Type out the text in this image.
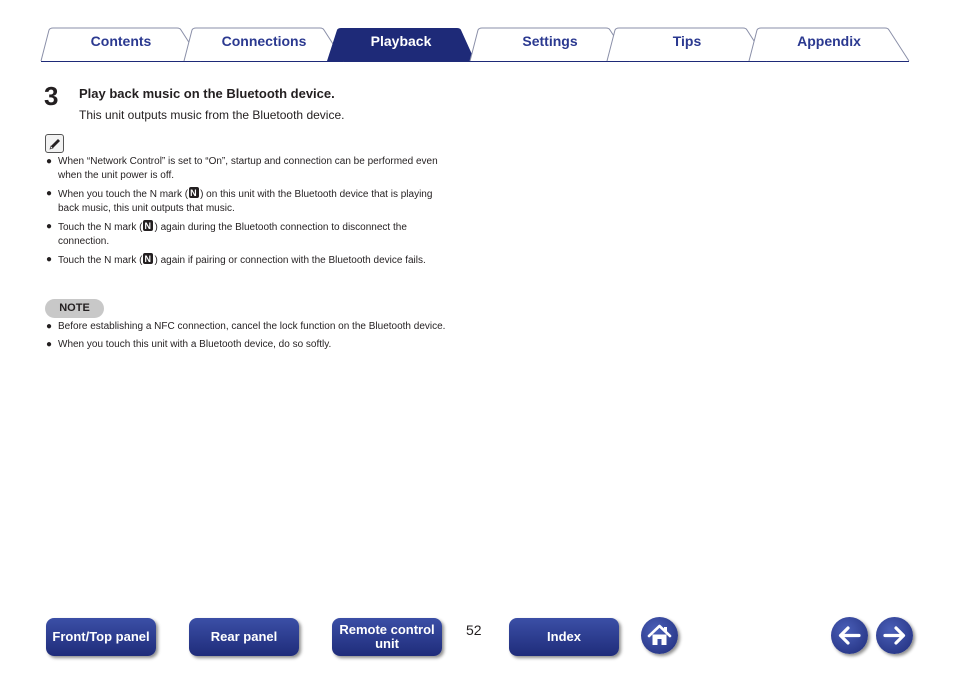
Contents	Connections	Playback	Settings	Tips	Appendix
3 Play back music on the Bluetooth device.
This unit outputs music from the Bluetooth device.
● When “Network Control” is set to “On”, startup and connection can be performed even when the unit power is off.
● When you touch the N mark ( N ) on this unit with the Bluetooth device that is playing back music, this unit outputs that music.
● Touch the N mark ( N ) again during the Bluetooth connection to disconnect the connection.
● Touch the N mark ( N ) again if pairing or connection with the Bluetooth device fails.
NOTE
● Before establishing a NFC connection, cancel the lock function on the Bluetooth device.
● When you touch this unit with a Bluetooth device, do so softly.
Front/Top panel	Rear panel	Remote control unit
52	Index
